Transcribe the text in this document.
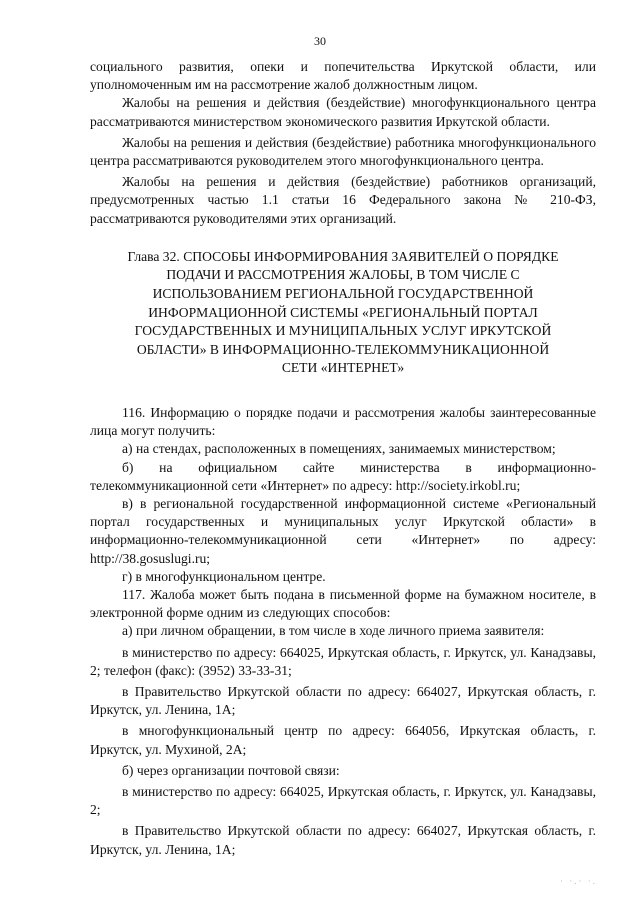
30

социального развития, опеки и попечительства Иркутской области, или уполномоченным им на рассмотрение жалоб должностным лицом.

Жалобы на решения и действия (бездействие) многофункционального центра рассматриваются министерством экономического развития Иркутской области.

Жалобы на решения и действия (бездействие) работника многофункционального центра рассматриваются руководителем этого многофункционального центра.

Жалобы на решения и действия (бездействие) работников организаций, предусмотренных частью 1.1 статьи 16 Федерального закона № 210-ФЗ, рассматриваются руководителями этих организаций.

Глава 32. СПОСОБЫ ИНФОРМИРОВАНИЯ ЗАЯВИТЕЛЕЙ О ПОРЯДКЕ
ПОДАЧИ И РАССМОТРЕНИЯ ЖАЛОБЫ, В ТОМ ЧИСЛЕ С
ИСПОЛЬЗОВАНИЕМ РЕГИОНАЛЬНОЙ ГОСУДАРСТВЕННОЙ
ИНФОРМАЦИОННОЙ СИСТЕМЫ «РЕГИОНАЛЬНЫЙ ПОРТАЛ
ГОСУДАРСТВЕННЫХ И МУНИЦИПАЛЬНЫХ УСЛУГ ИРКУТСКОЙ
ОБЛАСТИ» В ИНФОРМАЦИОННО-ТЕЛЕКОММУНИКАЦИОННОЙ
СЕТИ «ИНТЕРНЕТ»

116. Информацию о порядке подачи и рассмотрения жалобы заинтересованные лица могут получить:

а) на стендах, расположенных в помещениях, занимаемых министерством;

б) на официальном сайте министерства в информационно-телекоммуникационной сети «Интернет» по адресу: http://society.irkobl.ru;

в) в региональной государственной информационной системе «Региональный портал государственных и муниципальных услуг Иркутской области» в информационно-телекоммуникационной сети «Интернет» по адресу: http://38.gosuslugi.ru;

г) в многофункциональном центре.

117. Жалоба может быть подана в письменной форме на бумажном носителе, в электронной форме одним из следующих способов:

а) при личном обращении, в том числе в ходе личного приема заявителя:

в министерство по адресу: 664025, Иркутская область, г. Иркутск, ул. Канадзавы, 2; телефон (факс): (3952) 33-33-31;

в Правительство Иркутской области по адресу: 664027, Иркутская область, г. Иркутск, ул. Ленина, 1А;

в многофункциональный центр по адресу: 664056, Иркутская область, г. Иркутск, ул. Мухиной, 2А;

б) через организации почтовой связи:

в министерство по адресу: 664025, Иркутская область, г. Иркутск, ул. Канадзавы, 2;

в Правительство Иркутской области по адресу: 664027, Иркутская область, г. Иркутск, ул. Ленина, 1А;

· ·.· ·.
